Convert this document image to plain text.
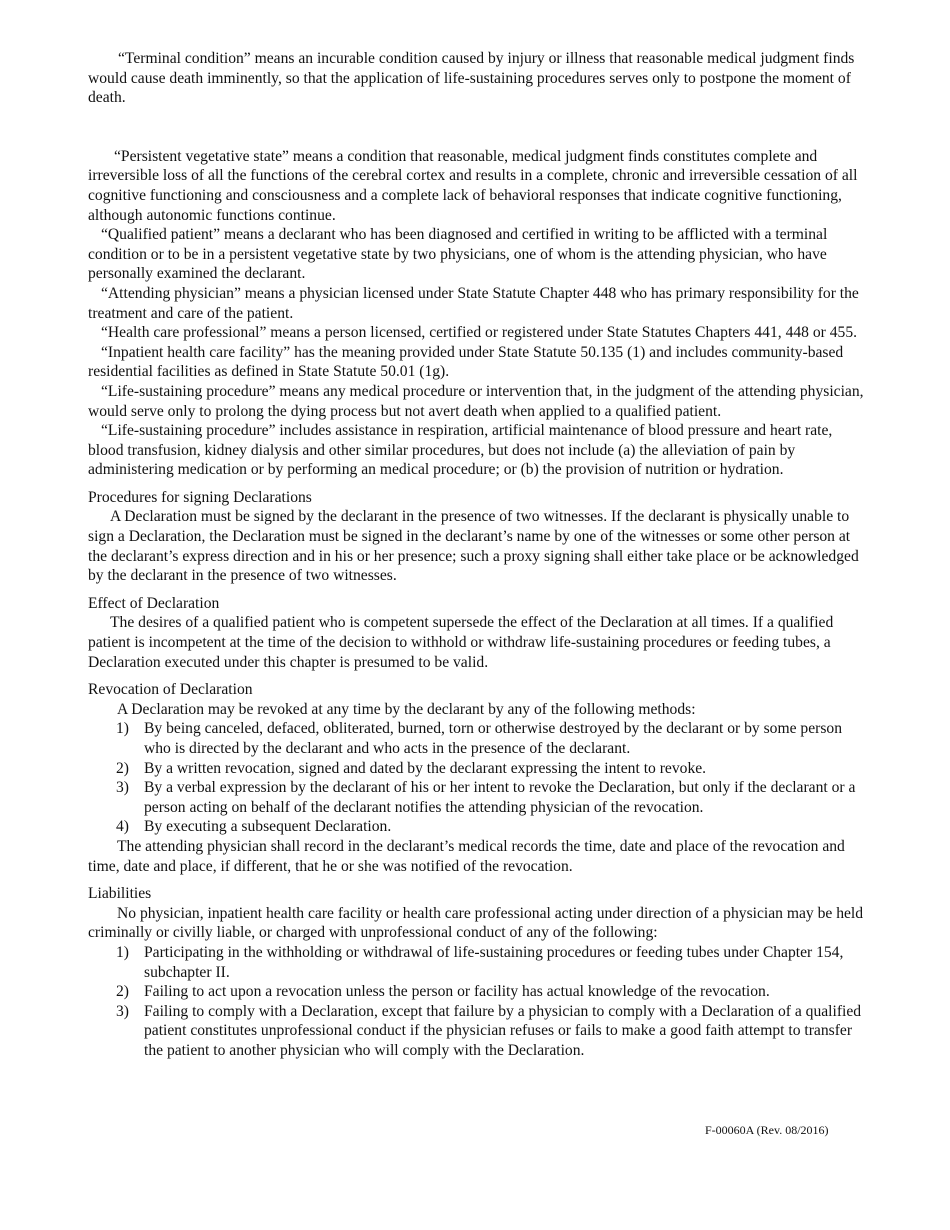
“Terminal condition” means an incurable condition caused by injury or illness that reasonable medical judgment finds would cause death imminently, so that the application of life-sustaining procedures serves only to postpone the moment of death.

“Persistent vegetative state” means a condition that reasonable, medical judgment finds constitutes complete and irreversible loss of all the functions of the cerebral cortex and results in a complete, chronic and irreversible cessation of all cognitive functioning and consciousness and a complete lack of behavioral responses that indicate cognitive functioning, although autonomic functions continue.

“Qualified patient” means a declarant who has been diagnosed and certified in writing to be afflicted with a terminal condition or to be in a persistent vegetative state by two physicians, one of whom is the attending physician, who have personally examined the declarant.

“Attending physician” means a physician licensed under State Statute Chapter 448 who has primary responsibility for the treatment and care of the patient.

“Health care professional” means a person licensed, certified or registered under State Statutes Chapters 441, 448 or 455.

“Inpatient health care facility” has the meaning provided under State Statute 50.135 (1) and includes community-based residential facilities as defined in State Statute 50.01 (1g).

“Life-sustaining procedure” means any medical procedure or intervention that, in the judgment of the attending physician, would serve only to prolong the dying process but not avert death when applied to a qualified patient.

“Life-sustaining procedure” includes assistance in respiration, artificial maintenance of blood pressure and heart rate, blood transfusion, kidney dialysis and other similar procedures, but does not include (a) the alleviation of pain by administering medication or by performing an medical procedure; or (b) the provision of nutrition or hydration.

Procedures for signing Declarations

A Declaration must be signed by the declarant in the presence of two witnesses. If the declarant is physically unable to sign a Declaration, the Declaration must be signed in the declarant’s name by one of the witnesses or some other person at the declarant’s express direction and in his or her presence; such a proxy signing shall either take place or be acknowledged by the declarant in the presence of two witnesses.

Effect of Declaration

The desires of a qualified patient who is competent supersede the effect of the Declaration at all times. If a qualified patient is incompetent at the time of the decision to withhold or withdraw life-sustaining procedures or feeding tubes, a Declaration executed under this chapter is presumed to be valid.

Revocation of Declaration

A Declaration may be revoked at any time by the declarant by any of the following methods:

1) By being canceled, defaced, obliterated, burned, torn or otherwise destroyed by the declarant or by some person who is directed by the declarant and who acts in the presence of the declarant.
2) By a written revocation, signed and dated by the declarant expressing the intent to revoke.
3) By a verbal expression by the declarant of his or her intent to revoke the Declaration, but only if the declarant or a person acting on behalf of the declarant notifies the attending physician of the revocation.
4) By executing a subsequent Declaration.

The attending physician shall record in the declarant’s medical records the time, date and place of the revocation and time, date and place, if different, that he or she was notified of the revocation.

Liabilities

No physician, inpatient health care facility or health care professional acting under direction of a physician may be held criminally or civilly liable, or charged with unprofessional conduct of any of the following:

1) Participating in the withholding or withdrawal of life-sustaining procedures or feeding tubes under Chapter 154, subchapter II.
2) Failing to act upon a revocation unless the person or facility has actual knowledge of the revocation.
3) Failing to comply with a Declaration, except that failure by a physician to comply with a Declaration of a qualified patient constitutes unprofessional conduct if the physician refuses or fails to make a good faith attempt to transfer the patient to another physician who will comply with the Declaration.
F-00060A (Rev. 08/2016)
